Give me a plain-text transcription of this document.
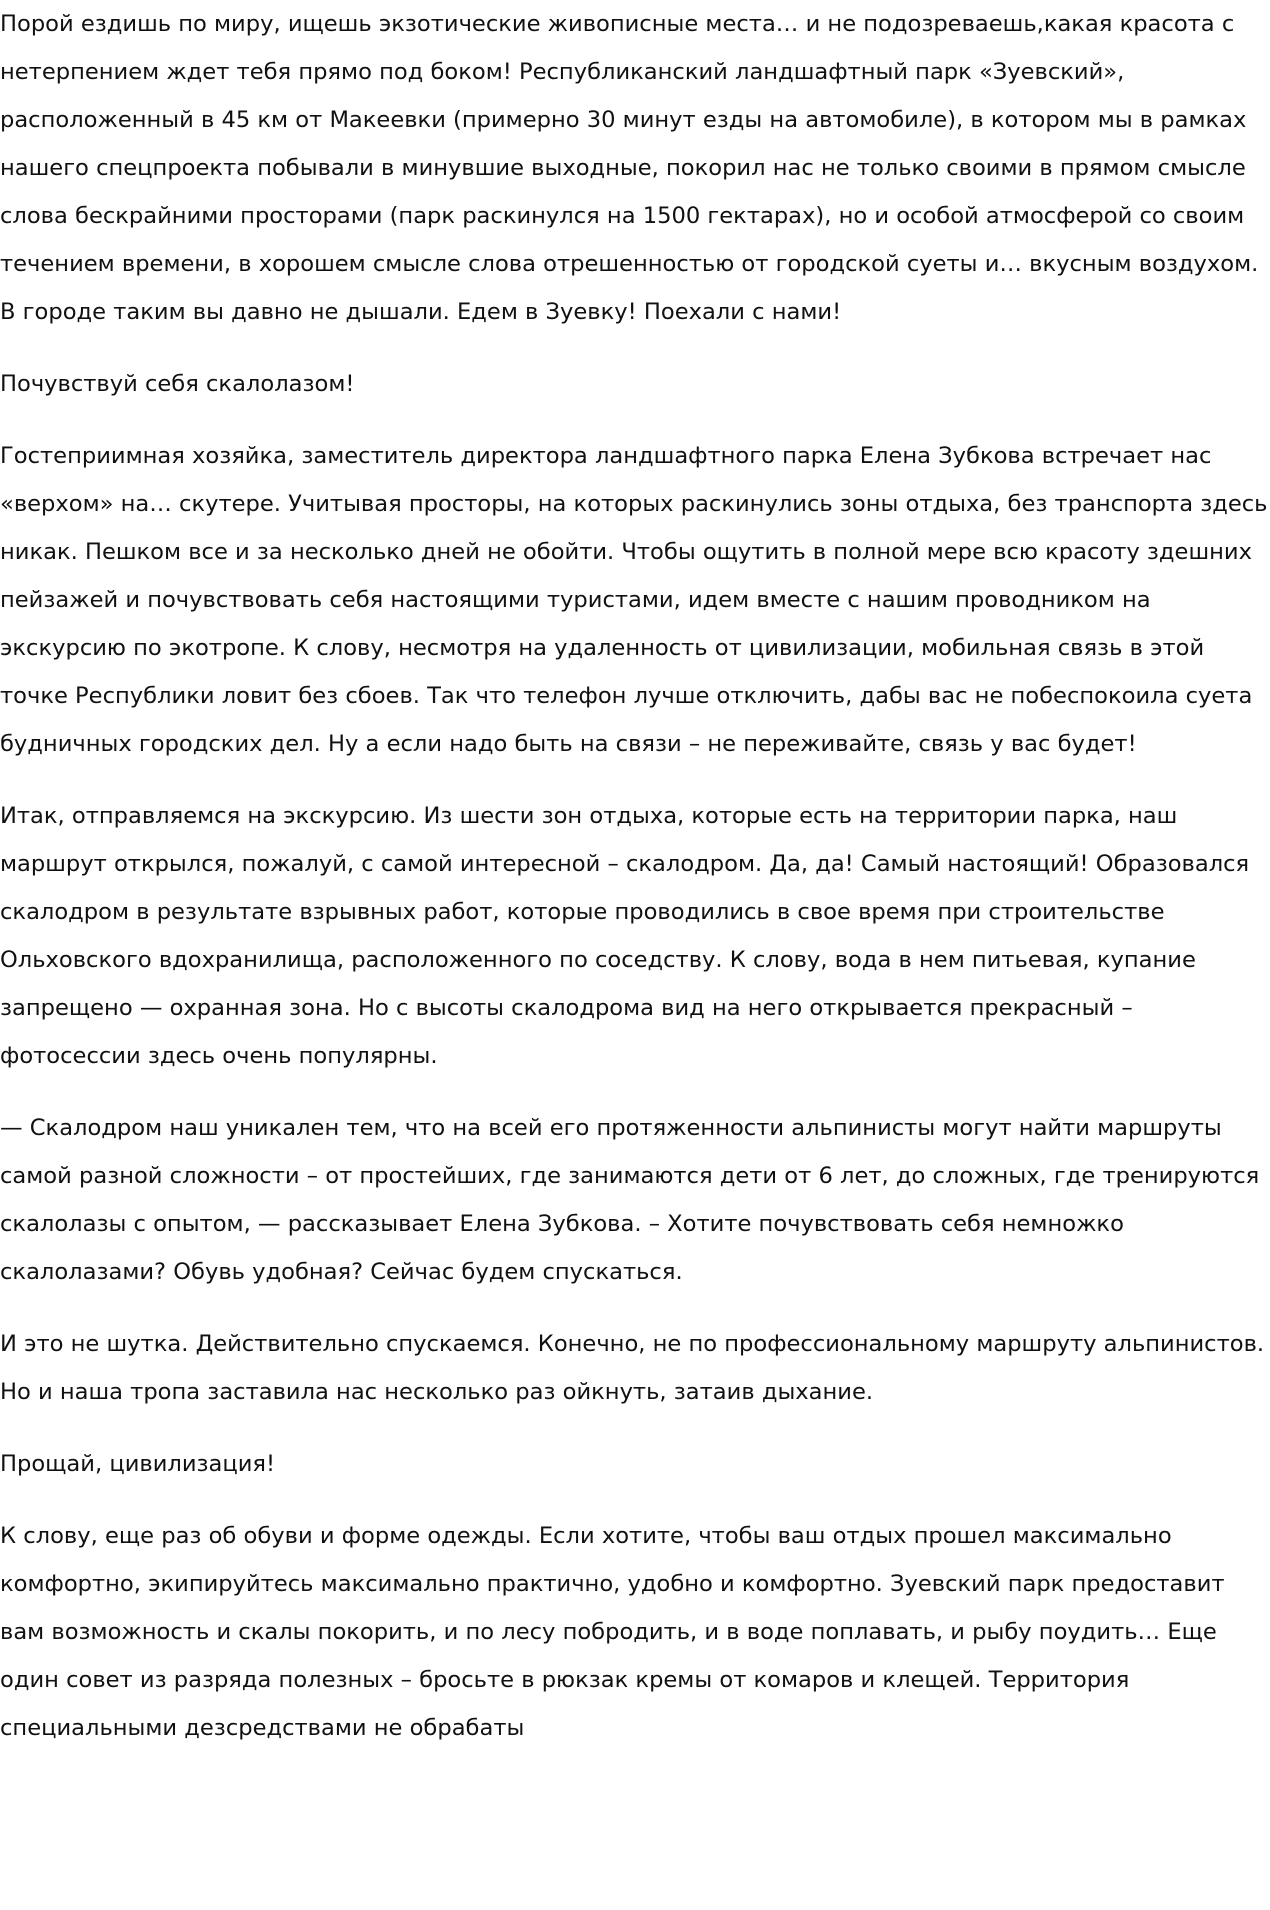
Порой ездишь по миру, ищешь экзотические живописные места… и не подозреваешь,какая красота с нетерпением ждет тебя прямо под боком! Республиканский ландшафтный парк «Зуевский», расположенный в 45 км от Макеевки (примерно 30 минут езды на автомобиле), в котором мы в рамках нашего спецпроекта побывали в минувшие выходные, покорил нас не только своими в прямом смысле слова бескрайними просторами (парк раскинулся на 1500 гектарах), но и особой атмосферой со своим течением времени, в хорошем смысле слова отрешенностью от городской суеты и… вкусным воздухом. В городе таким вы давно не дышали. Едем в Зуевку! Поехали с нами!

Почувствуй себя скалолазом!

Гостеприимная хозяйка, заместитель директора ландшафтного парка Елена Зубкова встречает нас «верхом» на… скутере. Учитывая просторы, на которых раскинулись зоны отдыха, без транспорта здесь никак. Пешком все и за несколько дней не обойти. Чтобы ощутить в полной мере всю красоту здешних пейзажей и почувствовать себя настоящими туристами, идем вместе с нашим проводником на экскурсию по экотропе. К слову, несмотря на удаленность от цивилизации, мобильная связь в этой точке Республики ловит без сбоев. Так что телефон лучше отключить, дабы вас не побеспокоила суета будничных городских дел. Ну а если надо быть на связи – не переживайте, связь у вас будет!

Итак, отправляемся на экскурсию. Из шести зон отдыха, которые есть на территории парка, наш маршрут открылся, пожалуй, с самой интересной – скалодром. Да, да! Самый настоящий! Образовался скалодром в результате взрывных работ, которые проводились в свое время при строительстве Ольховского вдохранилища, расположенного по соседству. К слову, вода в нем питьевая, купание запрещено — охранная зона. Но с высоты скалодрома вид на него открывается прекрасный – фотосессии здесь очень популярны.

— Скалодром наш уникален тем, что на всей его протяженности альпинисты могут найти маршруты самой разной сложности – от простейших, где занимаются дети от 6 лет, до сложных, где тренируются скалолазы с опытом, — рассказывает Елена Зубкова. – Хотите почувствовать себя немножко скалолазами? Обувь удобная? Сейчас будем спускаться.

И это не шутка. Действительно спускаемся. Конечно, не по профессиональному маршруту альпинистов. Но и наша тропа заставила нас несколько раз ойкнуть, затаив дыхание.

Прощай, цивилизация!

К слову, еще раз об обуви и форме одежды. Если хотите, чтобы ваш отдых прошел максимально комфортно, экипируйтесь максимально практично, удобно и комфортно. Зуевский парк предоставит вам возможность и скалы покорить, и по лесу побродить, и в воде поплавать, и рыбу поудить… Еще один совет из разряда полезных – бросьте в рюкзак кремы от комаров и клещей. Территория специальными дезсредствами не обрабаты
